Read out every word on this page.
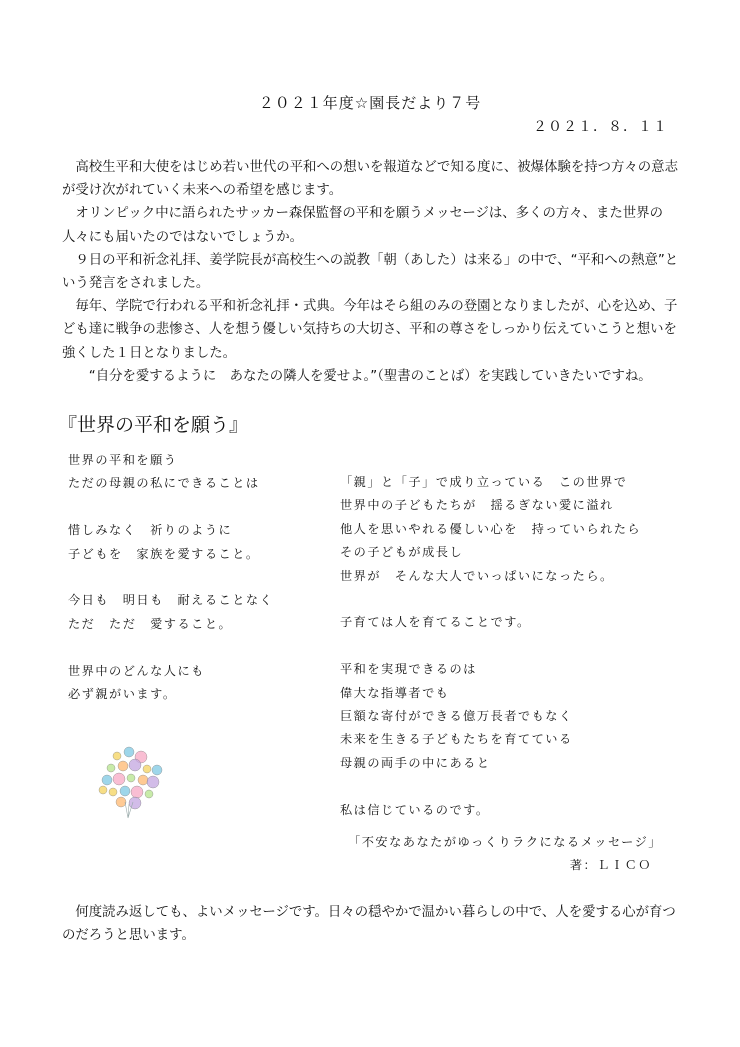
２０２１年度☆園長だより７号
２０２１．８．１１

高校生平和大使をはじめ若い世代の平和への想いを報道などで知る度に、被爆体験を持つ方々の意志が受け次がれていく未来への希望を感じます。

オリンピック中に語られたサッカー森保監督の平和を願うメッセージは、多くの方々、また世界の人々にも届いたのではないでしょうか。

９日の平和祈念礼拝、姜学院長が高校生への説教「朝（あした）は来る」の中で、“平和への熱意”という発言をされました。

毎年、学院で行われる平和祈念礼拝・式典。今年はそら組のみの登園となりましたが、心を込め、子ども達に戦争の悲惨さ、人を想う優しい気持ちの大切さ、平和の尊さをしっかり伝えていこうと想いを強くした１日となりました。

“自分を愛するように　あなたの隣人を愛せよ。”（聖書のことば）を実践していきたいですね。

『世界の平和を願う』
世界の平和を願う
ただの母親の私にできることは
惜しみなく　祈りのように
子どもを　家族を愛すること。
今日も　明日も　耐えることなく
ただ　ただ　愛すること。
世界中のどんな人にも
必ず親がいます。
「親」と「子」で成り立っている　この世界で
世界中の子どもたちが　揺るぎない愛に溢れ
他人を思いやれる優しい心を　持っていられたら
その子どもが成長し
世界が　そんな大人でいっぱいになったら。
子育ては人を育てることです。
平和を実現できるのは
偉大な指導者でも
巨額な寄付ができる億万長者でもなく
未来を生きる子どもたちを育てている
母親の両手の中にあると
私は信じているのです。
「不安なあなたがゆっくりラクになるメッセージ」
著：ＬＩＣＯ

何度読み返しても、よいメッセージです。日々の穏やかで温かい暮らしの中で、人を愛する心が育つのだろうと思います。
